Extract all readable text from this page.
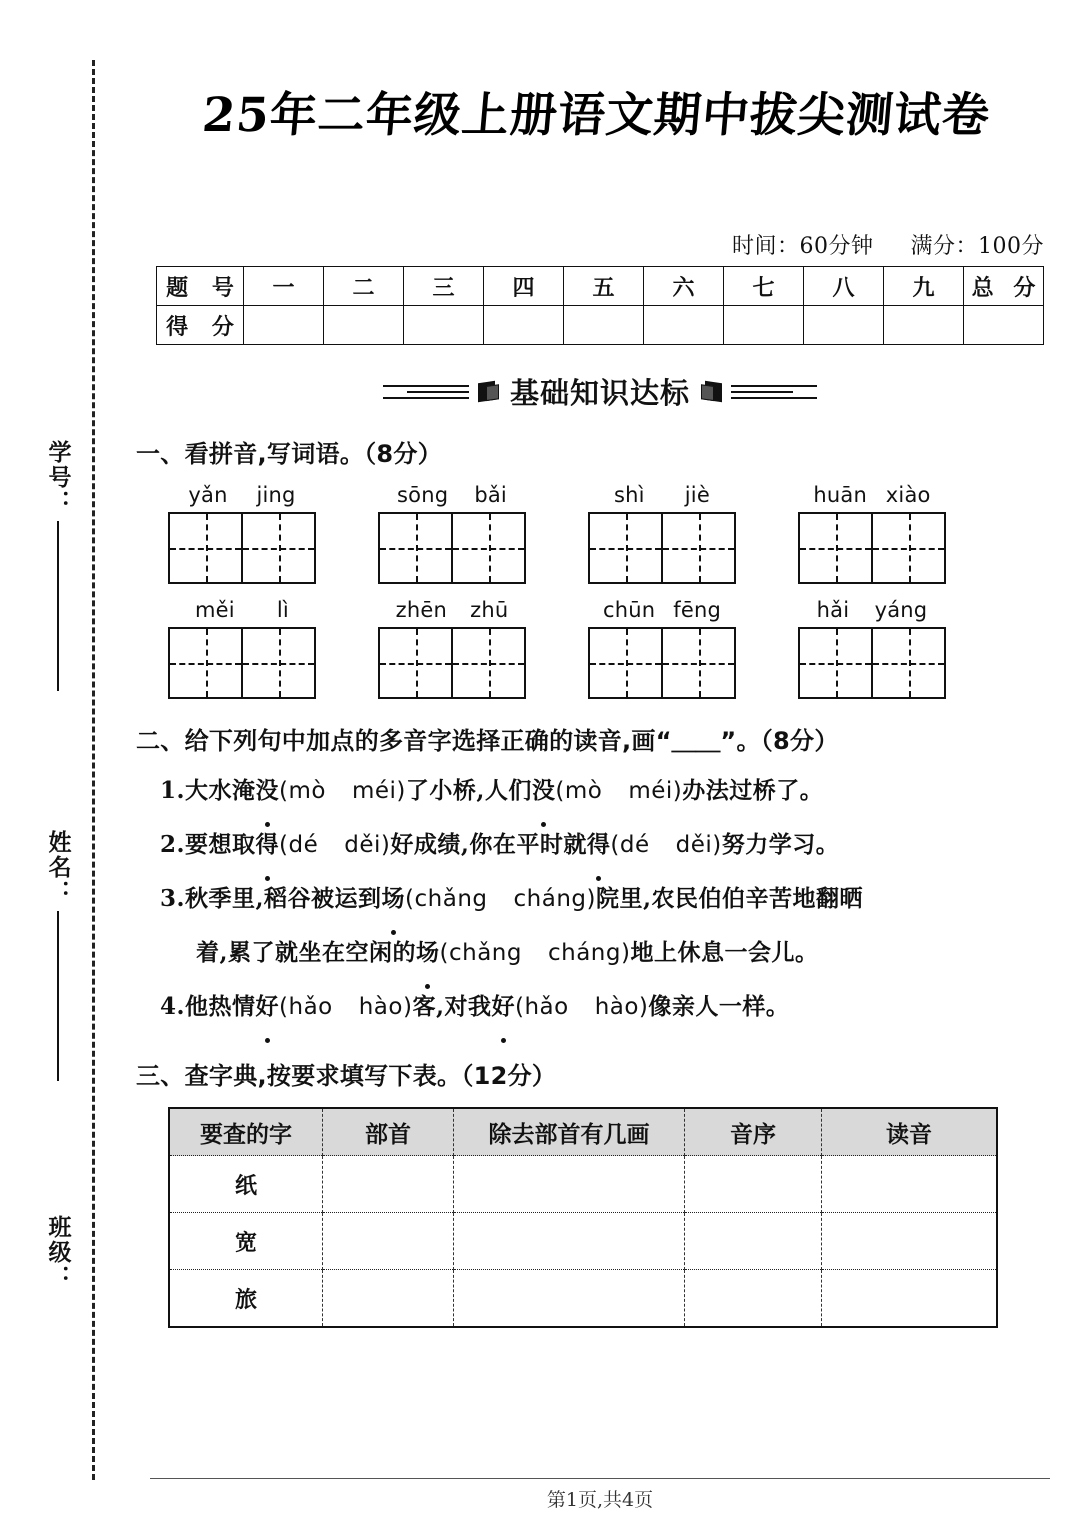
学号：
姓名：
班级：
25年二年级上册语文期中拔尖测试卷
时间：60分钟 满分：100分
题 号	一	二	三	四	五	六	七	八	九	总 分
得 分										
基础知识达标
一、看拼音,写词语。（8分）
yǎn jing	sōng bǎi	shì jiè	huān xiào
měi lì	zhēn zhū	chūn fēng	hǎi yáng
二、给下列句中加点的多音字选择正确的读音,画“＿＿”。（8分）
1.大水淹没(mò méi)了小桥,人们没(mò méi)办法过桥了。
2.要想取得(dé děi)好成绩,你在平时就得(dé děi)努力学习。
3.秋季里,稻谷被运到场(chǎng cháng)院里,农民伯伯辛苦地翻晒
着,累了就坐在空闲的场(chǎng cháng)地上休息一会儿。
4.他热情好(hǎo hào)客,对我好(hǎo hào)像亲人一样。
三、查字典,按要求填写下表。（12分）
要查的字	部首	除去部首有几画	音序	读音
纸				
宽				
旅				
第1页,共4页
